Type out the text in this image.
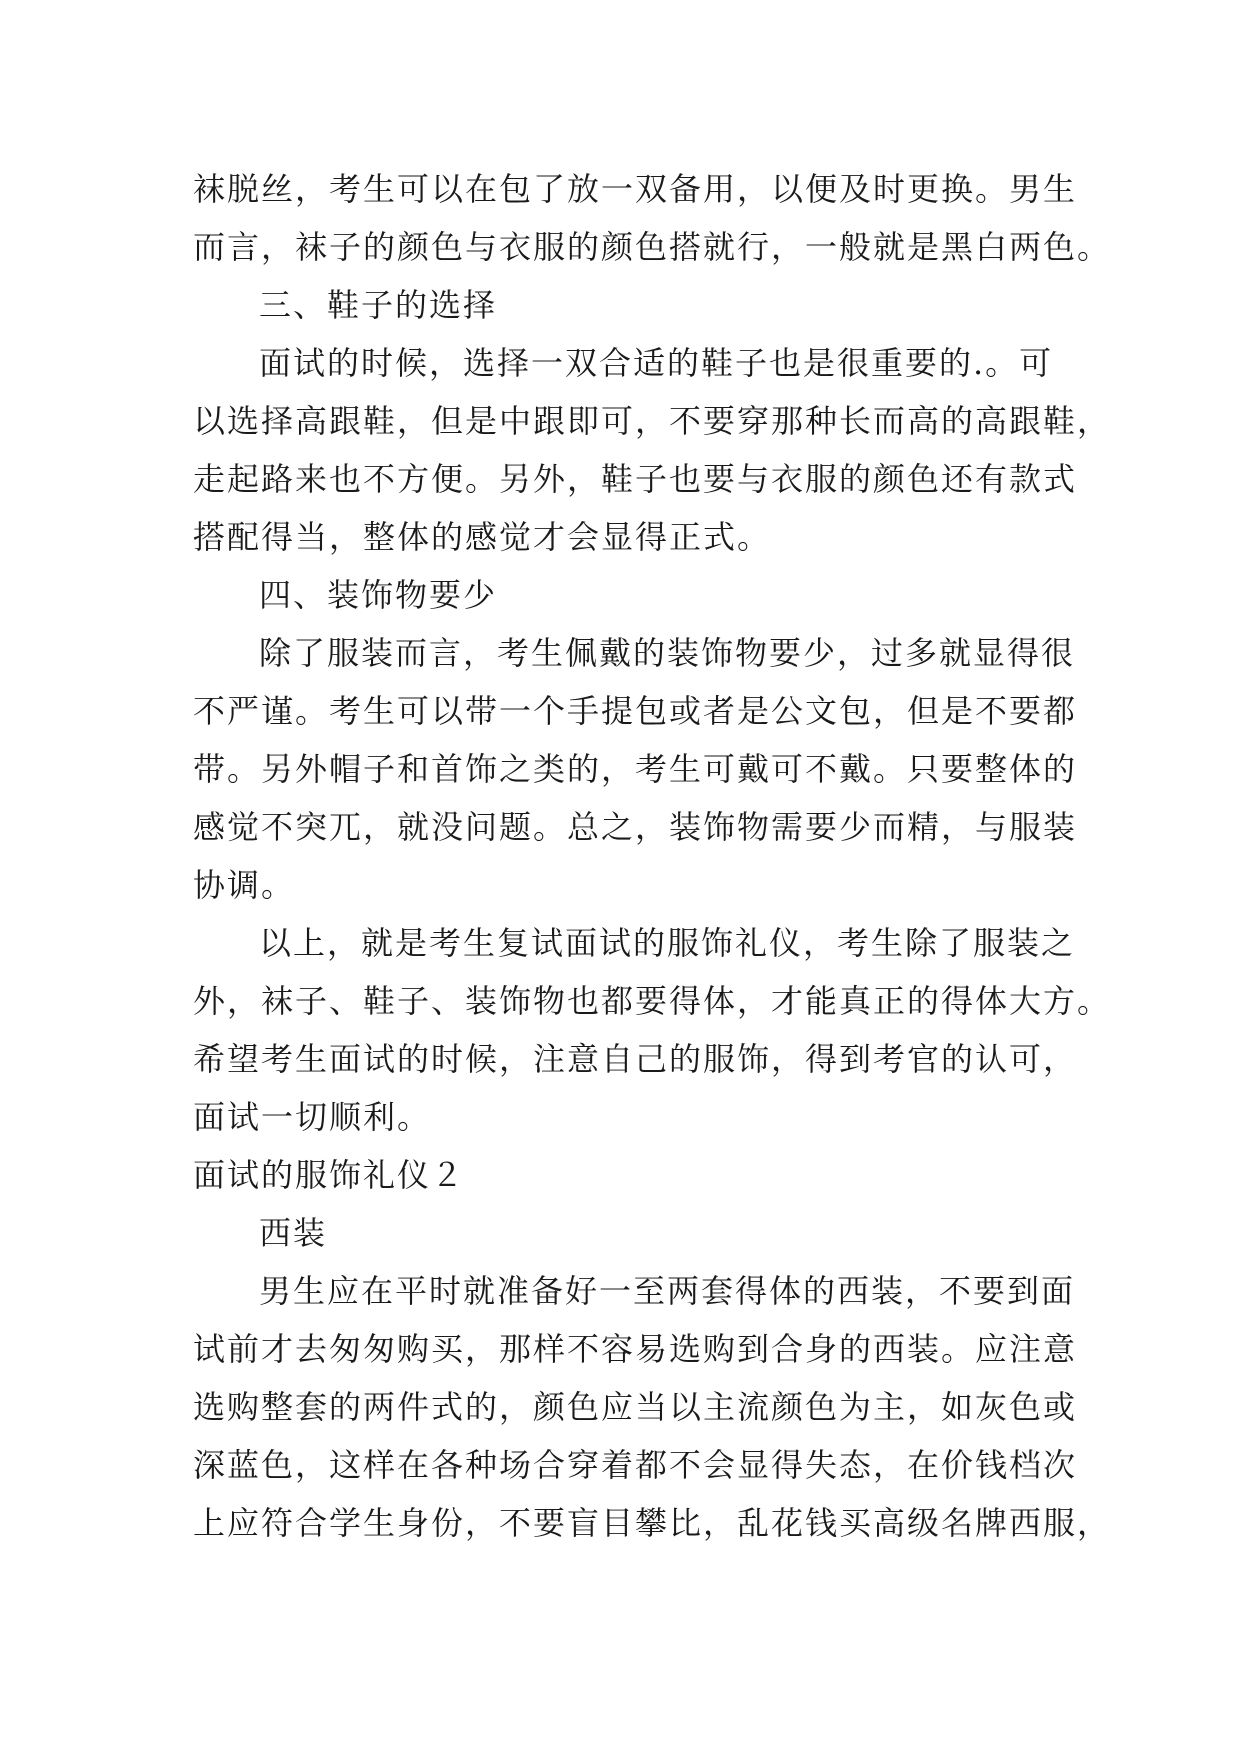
袜脱丝，考生可以在包了放一双备用，以便及时更换。男生
而言，袜子的颜色与衣服的颜色搭就行，一般就是黑白两色。
三、鞋子的选择
面试的时候，选择一双合适的鞋子也是很重要的.。可
以选择高跟鞋，但是中跟即可，不要穿那种长而高的高跟鞋，
走起路来也不方便。另外，鞋子也要与衣服的颜色还有款式
搭配得当，整体的感觉才会显得正式。
四、装饰物要少
除了服装而言，考生佩戴的装饰物要少，过多就显得很
不严谨。考生可以带一个手提包或者是公文包，但是不要都
带。另外帽子和首饰之类的，考生可戴可不戴。只要整体的
感觉不突兀，就没问题。总之，装饰物需要少而精，与服装
协调。
以上，就是考生复试面试的服饰礼仪，考生除了服装之
外，袜子、鞋子、装饰物也都要得体，才能真正的得体大方。
希望考生面试的时候，注意自己的服饰，得到考官的认可，
面试一切顺利。
面试的服饰礼仪２
西装
男生应在平时就准备好一至两套得体的西装，不要到面
试前才去匆匆购买，那样不容易选购到合身的西装。应注意
选购整套的两件式的，颜色应当以主流颜色为主，如灰色或
深蓝色，这样在各种场合穿着都不会显得失态，在价钱档次
上应符合学生身份，不要盲目攀比，乱花钱买高级名牌西服，
